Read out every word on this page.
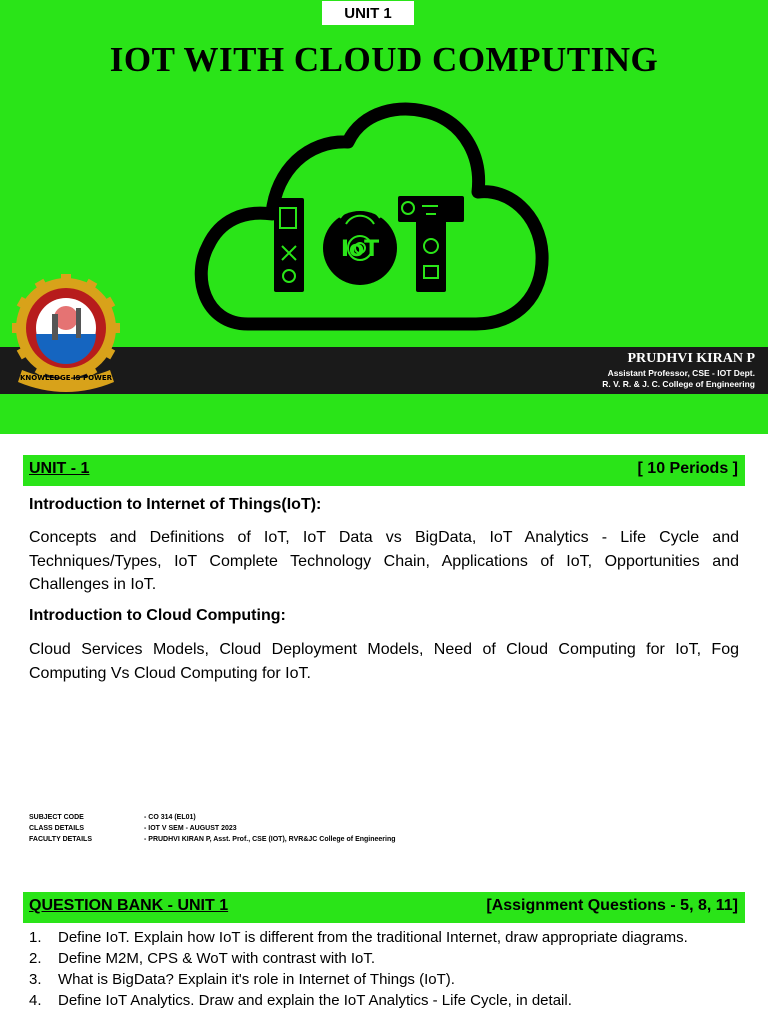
UNIT 1
IOT WITH CLOUD COMPUTING
IoT
PRUDHVI KIRAN P
Assistant Professor, CSE - IOT Dept.
R. V. R. & J. C. College of Engineering
KNOWLEDGE IS POWER
UNIT - 1	[ 10 Periods ]
Introduction to Internet of Things(IoT):
Concepts and Definitions of IoT, IoT Data vs BigData, IoT Analytics - Life Cycle and Techniques/Types, IoT Complete Technology Chain, Applications of IoT, Opportunities and Challenges in IoT.
Introduction to Cloud Computing:
Cloud Services Models, Cloud Deployment Models, Need of Cloud Computing for IoT, Fog Computing Vs Cloud Computing for IoT.
SUBJECT CODE	- CO 314 (EL01)
CLASS DETAILS	- IOT V SEM - AUGUST 2023
FACULTY DETAILS	- PRUDHVI KIRAN P, Asst. Prof., CSE (IOT), RVR&JC College of Engineering
QUESTION BANK - UNIT 1	[Assignment Questions - 5, 8, 11]
1.	Define IoT. Explain how IoT is different from the traditional Internet, draw appropriate diagrams.
2.	Define M2M, CPS & WoT with contrast with IoT.
3.	What is BigData? Explain it's role in Internet of Things (IoT).
4.	Define IoT Analytics. Draw and explain the IoT Analytics - Life Cycle, in detail.
